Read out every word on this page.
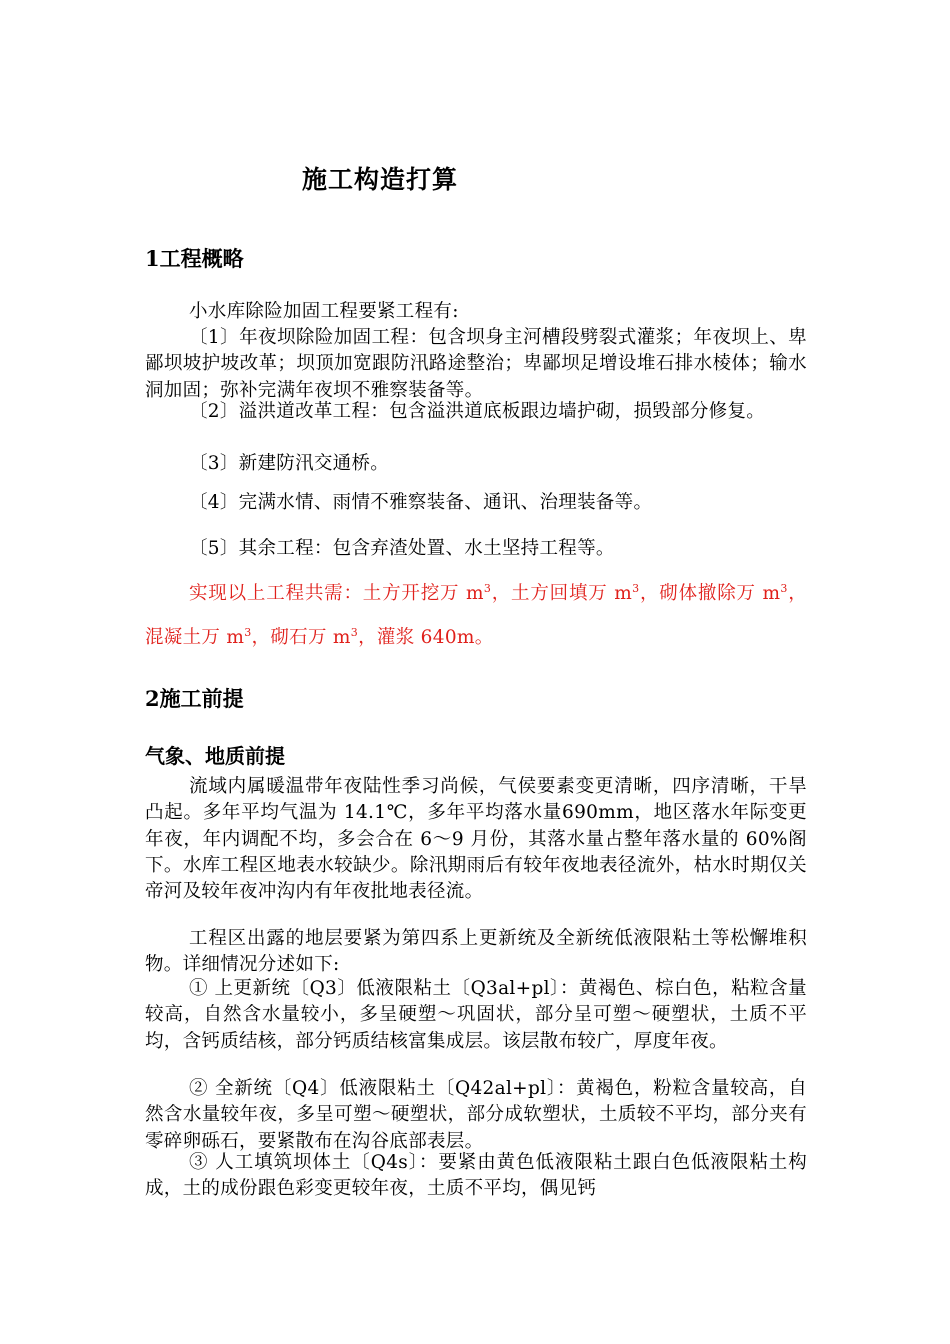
施工构造打算
1工程概略

小水库除险加固工程要紧工程有:

〔1〕年夜坝除险加固工程：包含坝身主河槽段劈裂式灌浆；年夜坝上、卑鄙坝坡护坡改革；坝顶加宽跟防汛路途整治；卑鄙坝足增设堆石排水棱体；输水洞加固；弥补完满年夜坝不雅察装备等。

〔2〕溢洪道改革工程：包含溢洪道底板跟边墙护砌，损毁部分修复。

〔3〕新建防汛交通桥。

〔4〕完满水情、雨情不雅察装备、通讯、治理装备等。

〔5〕其余工程：包含弃渣处置、水土坚持工程等。

实现以上工程共需：土方开挖万 $m^3$，土方回填万 $m^3$，砌体撤除万 $m^3$，混凝土万 $m^3$，砌石万 $m^3$，灌浆 640m。

2施工前提
气象、地质前提

流域内属暖温带年夜陆性季习尚候，气侯要素变更清晰，四序清晰，干旱凸起。多年平均气温为 14.1℃，多年平均落水量690mm，地区落水年际变更年夜，年内调配不均，多会合在 6～9 月份，其落水量占整年落水量的 60%阁下。水库工程区地表水较缺少。除汛期雨后有较年夜地表径流外，枯水时期仅关帝河及较年夜冲沟内有年夜批地表径流。

工程区出露的地层要紧为第四系上更新统及全新统低液限粘土等松懈堆积物。详细情况分述如下:

① 上更新统〔Q3〕低液限粘土〔Q3al+pl〕：黄褐色、棕白色，粘粒含量较高，自然含水量较小，多呈硬塑～巩固状，部分呈可塑～硬塑状，土质不平均，含钙质结核，部分钙质结核富集成层。该层散布较广，厚度年夜。

② 全新统〔Q4〕低液限粘土〔Q42al+pl〕：黄褐色，粉粒含量较高，自然含水量较年夜，多呈可塑～硬塑状，部分成软塑状，土质较不平均，部分夹有零碎卵砾石，要紧散布在沟谷底部表层。

③ 人工填筑坝体土〔Q4s〕：要紧由黄色低液限粘土跟白色低液限粘土构成，土的成份跟色彩变更较年夜，土质不平均，偶见钙
